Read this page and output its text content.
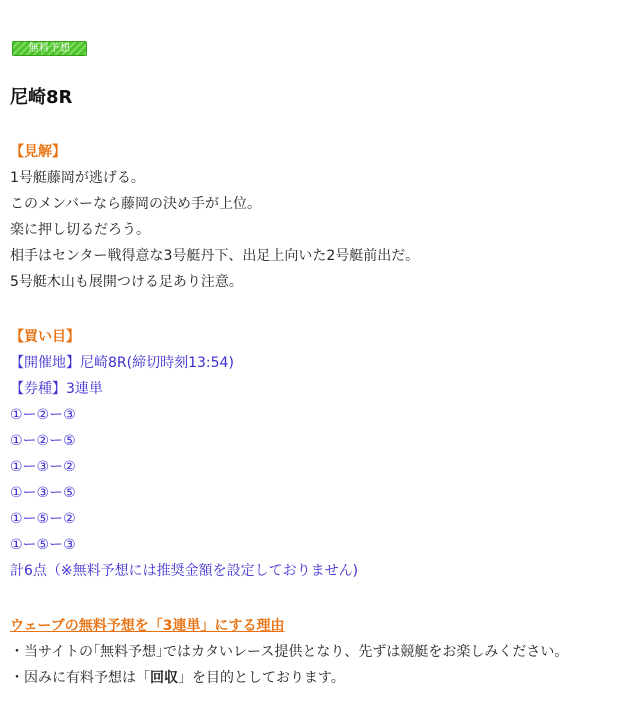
無料予想
尼崎8R
【見解】
1号艇藤岡が逃げる。
このメンバーなら藤岡の決め手が上位。
楽に押し切るだろう。
相手はセンター戦得意な3号艇丹下、出足上向いた2号艇前出だ。
5号艇木山も展開つける足あり注意。
【買い目】
【開催地】尼崎8R(締切時刻13:54)
【券種】3連単
①ー②ー③
①ー②ー⑤
①ー③ー②
①ー③ー⑤
①ー⑤ー②
①ー⑤ー③
計6点（※無料予想には推奨金額を設定しておりません)
ウェーブの無料予想を「3連単」にする理由
・当サイトの｢無料予想｣ではカタいレース提供となり、先ずは競艇をお楽しみください。
・因みに有料予想は「回収」を目的としております。
